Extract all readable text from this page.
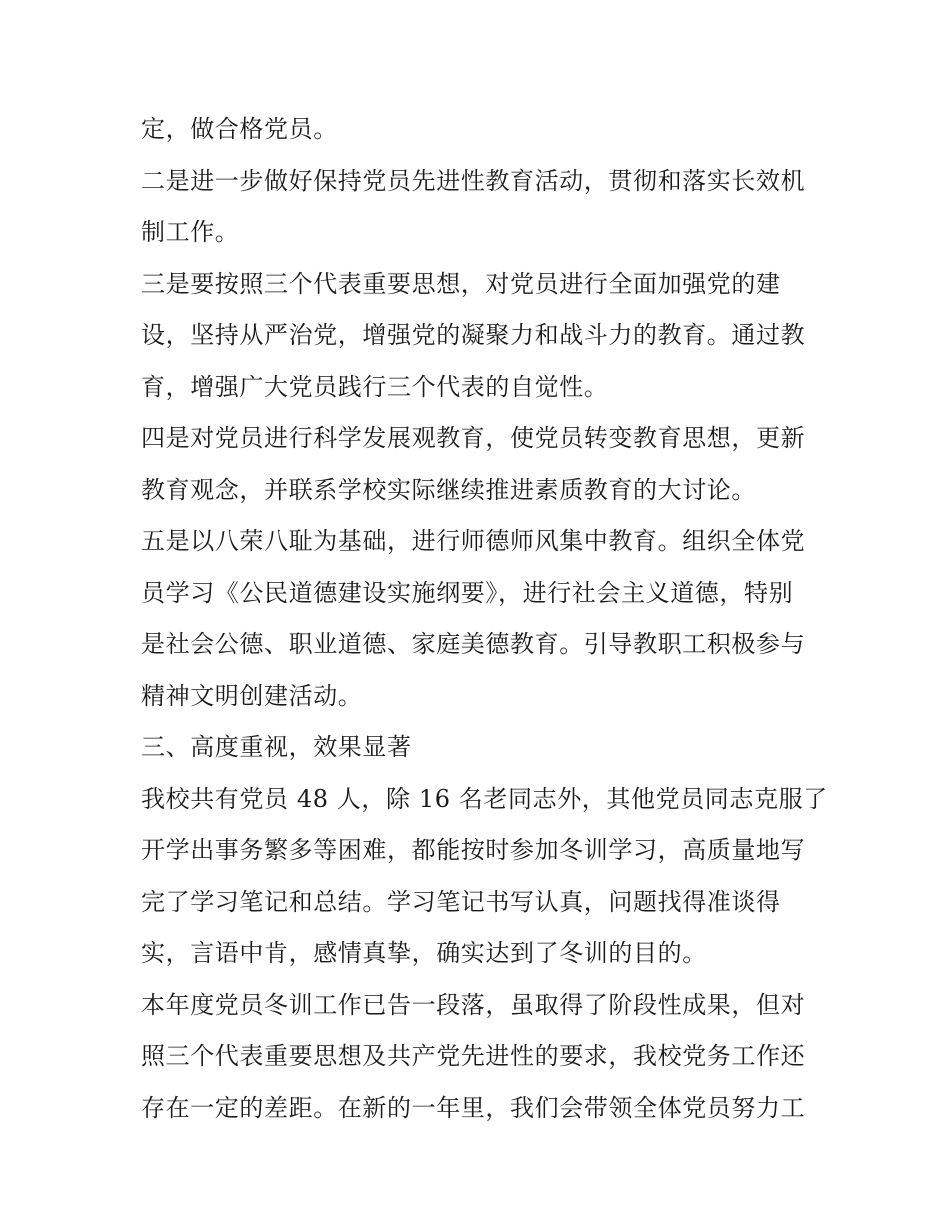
定，做合格党员。
二是进一步做好保持党员先进性教育活动，贯彻和落实长效机
制工作。
三是要按照三个代表重要思想，对党员进行全面加强党的建
设，坚持从严治党，增强党的凝聚力和战斗力的教育。通过教
育，增强广大党员践行三个代表的自觉性。
四是对党员进行科学发展观教育，使党员转变教育思想，更新
教育观念，并联系学校实际继续推进素质教育的大讨论。
五是以八荣八耻为基础，进行师德师风集中教育。组织全体党
员学习《公民道德建设实施纲要》，进行社会主义道德，特别
是社会公德、职业道德、家庭美德教育。引导教职工积极参与
精神文明创建活动。
三、高度重视，效果显著
我校共有党员 48 人，除 16 名老同志外，其他党员同志克服了
开学出事务繁多等困难，都能按时参加冬训学习，高质量地写
完了学习笔记和总结。学习笔记书写认真，问题找得准谈得
实，言语中肯，感情真挚，确实达到了冬训的目的。
本年度党员冬训工作已告一段落，虽取得了阶段性成果，但对
照三个代表重要思想及共产党先进性的要求，我校党务工作还
存在一定的差距。在新的一年里，我们会带领全体党员努力工
